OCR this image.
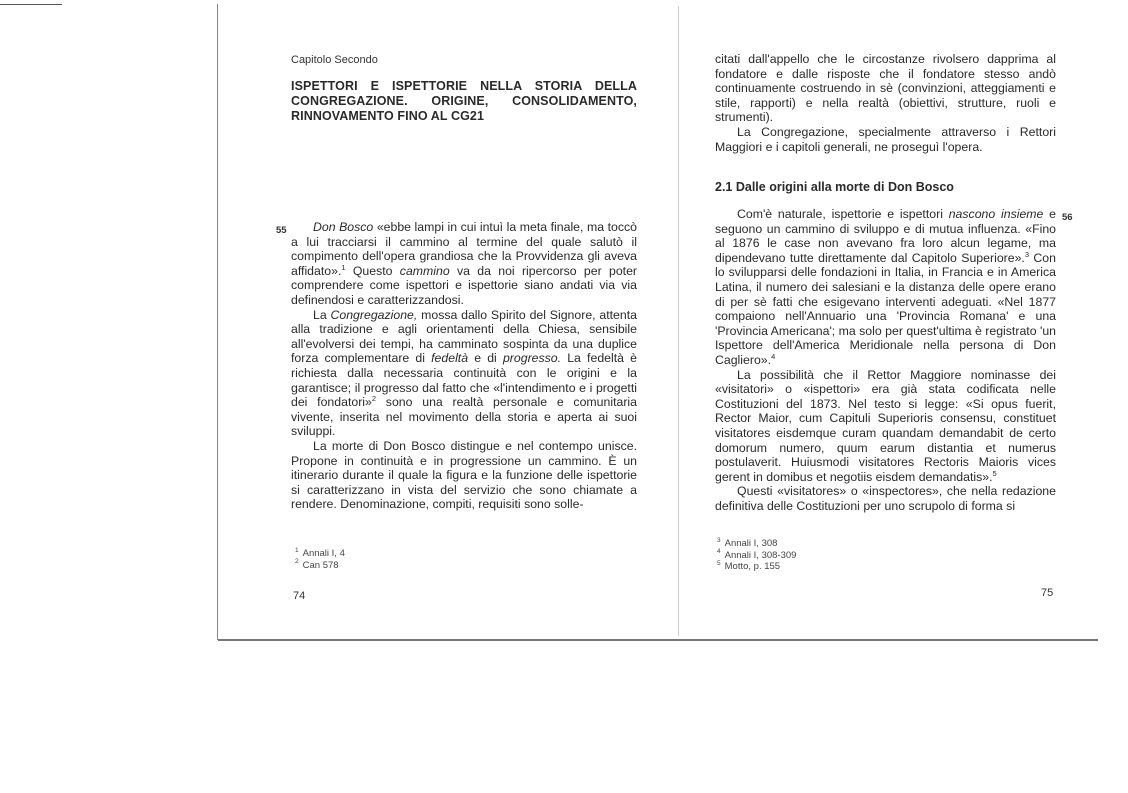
Capitolo Secondo
ISPETTORI E ISPETTORIE NELLA STORIA DELLA CONGREGAZIONE. ORIGINE, CONSOLIDAMENTO, RINNOVAMENTO FINO AL CG21
55	Don Bosco «ebbe lampi in cui intuì la meta finale, ma toccò a lui tracciarsi il cammino al termine del quale salutò il compimento dell'opera grandiosa che la Provvidenza gli aveva affidato».$^1$ Questo cammino va da noi ripercorso per poter comprendere come ispettori e ispettorie siano andati via via definendosi e caratterizzandosi.

La Congregazione, mossa dallo Spirito del Signore, attenta alla tradizione e agli orientamenti della Chiesa, sensibile all'evolversi dei tempi, ha camminato sospinta da una duplice forza complementare di fedeltà e di progresso. La fedeltà è richiesta dalla necessaria continuità con le origini e la garantisce; il progresso dal fatto che «l'intendimento e i progetti dei fondatori»$^2$ sono una realtà personale e comunitaria vivente, inserita nel movimento della storia e aperta ai suoi sviluppi.

La morte di Don Bosco distingue e nel contempo unisce. Propone in continuità e in progressione un cammino. È un itinerario durante il quale la figura e la funzione delle ispettorie si caratterizzano in vista del servizio che sono chiamate a rendere. Denominazione, compiti, requisiti sono solle-

$^1$ Annali I, 4
$^2$ Can 578
74

citati dall'appello che le circostanze rivolsero dapprima al fondatore e dalle risposte che il fondatore stesso andò continuamente costruendo in sè (convinzioni, atteggiamenti e stile, rapporti) e nella realtà (obiettivi, strutture, ruoli e strumenti).

La Congregazione, specialmente attraverso i Rettori Maggiori e i capitoli generali, ne proseguì l'opera.

2.1 Dalle origini alla morte di Don Bosco
56

Com'è naturale, ispettorie e ispettori nascono insieme e seguono un cammino di sviluppo e di mutua influenza. «Fino al 1876 le case non avevano fra loro alcun legame, ma dipendevano tutte direttamente dal Capitolo Superiore».$^3$ Con lo svilupparsi delle fondazioni in Italia, in Francia e in America Latina, il numero dei salesiani e la distanza delle opere erano di per sè fatti che esigevano interventi adeguati. «Nel 1877 compaiono nell'Annuario una 'Provincia Romana' e una 'Provincia Americana'; ma solo per quest'ultima è registrato 'un Ispettore dell'America Meridionale nella persona di Don Cagliero».$^4$

La possibilità che il Rettor Maggiore nominasse dei «visitatori» o «ispettori» era già stata codificata nelle Costituzioni del 1873. Nel testo si legge: «Si opus fuerit, Rector Maior, cum Capituli Superioris consensu, constituet visitatores eisdemque curam quandam demandabit de certo domorum numero, quum earum distantia et numerus postulaverit. Huiusmodi visitatores Rectoris Maioris vices gerent in domibus et negotiis eisdem demandatis».$^5$

Questi «visitatores» o «inspectores», che nella redazione definitiva delle Costituzioni per uno scrupolo di forma si

$^3$ Annali I, 308
$^4$ Annali I, 308-309
$^5$ Motto, p. 155
75
